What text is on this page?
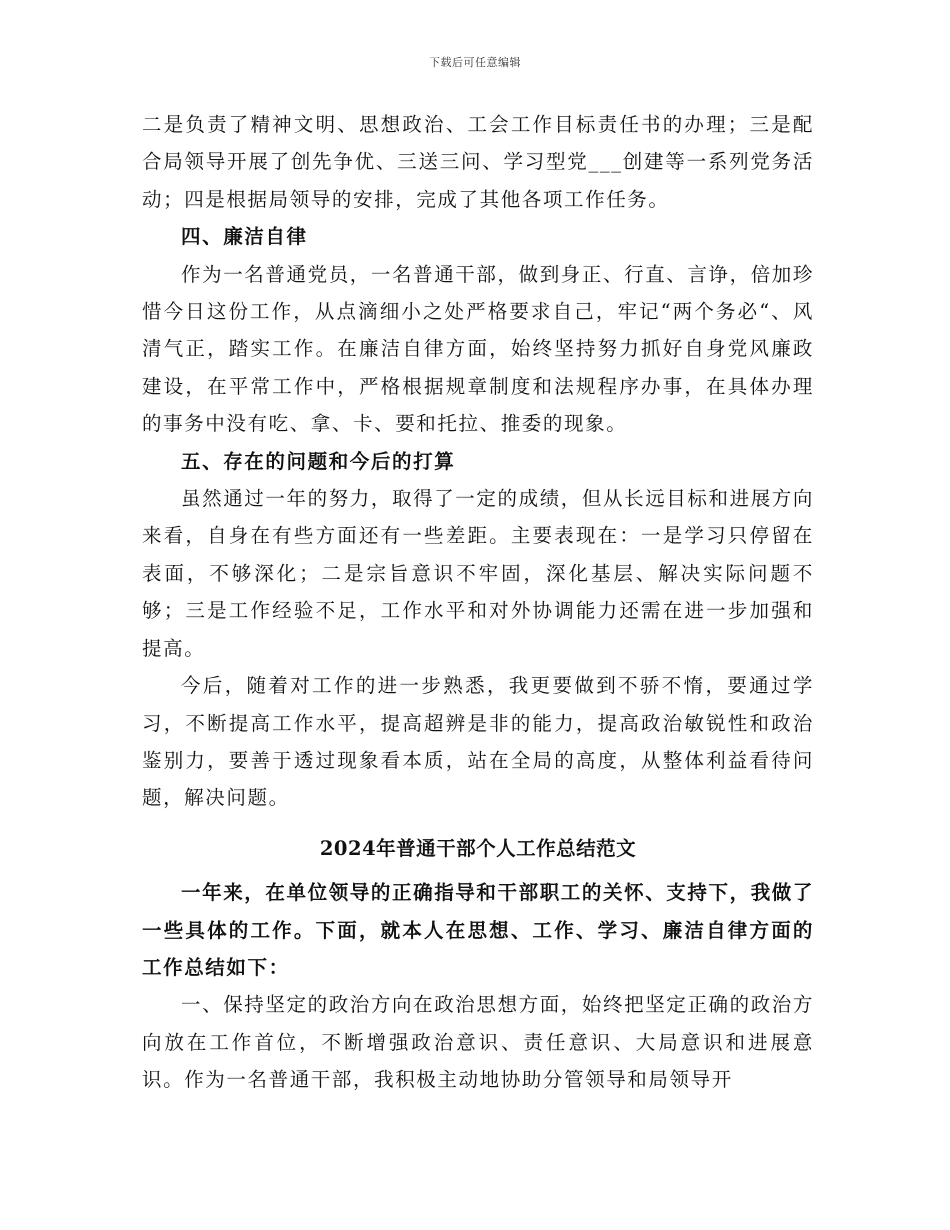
下载后可任意编辑

二是负责了精神文明、思想政治、工会工作目标责任书的办理；三是配合局领导开展了创先争优、三送三问、学习型党___创建等一系列党务活动；四是根据局领导的安排，完成了其他各项工作任务。

四、廉洁自律

作为一名普通党员，一名普通干部，做到身正、行直、言诤，倍加珍惜今日这份工作，从点滴细小之处严格要求自己，牢记“两个务必“、风清气正，踏实工作。在廉洁自律方面，始终坚持努力抓好自身党风廉政建设，在平常工作中，严格根据规章制度和法规程序办事，在具体办理的事务中没有吃、拿、卡、要和托拉、推委的现象。

五、存在的问题和今后的打算

虽然通过一年的努力，取得了一定的成绩，但从长远目标和进展方向来看，自身在有些方面还有一些差距。主要表现在：一是学习只停留在表面，不够深化；二是宗旨意识不牢固，深化基层、解决实际问题不够；三是工作经验不足，工作水平和对外协调能力还需在进一步加强和提高。

今后，随着对工作的进一步熟悉，我更要做到不骄不惰，要通过学习，不断提高工作水平，提高超辨是非的能力，提高政治敏锐性和政治鉴别力，要善于透过现象看本质，站在全局的高度，从整体利益看待问题，解决问题。

2024年普通干部个人工作总结范文

一年来，在单位领导的正确指导和干部职工的关怀、支持下，我做了一些具体的工作。下面，就本人在思想、工作、学习、廉洁自律方面的工作总结如下：

一、保持坚定的政治方向在政治思想方面，始终把坚定正确的政治方向放在工作首位，不断增强政治意识、责任意识、大局意识和进展意识。作为一名普通干部，我积极主动地协助分管领导和局领导开
